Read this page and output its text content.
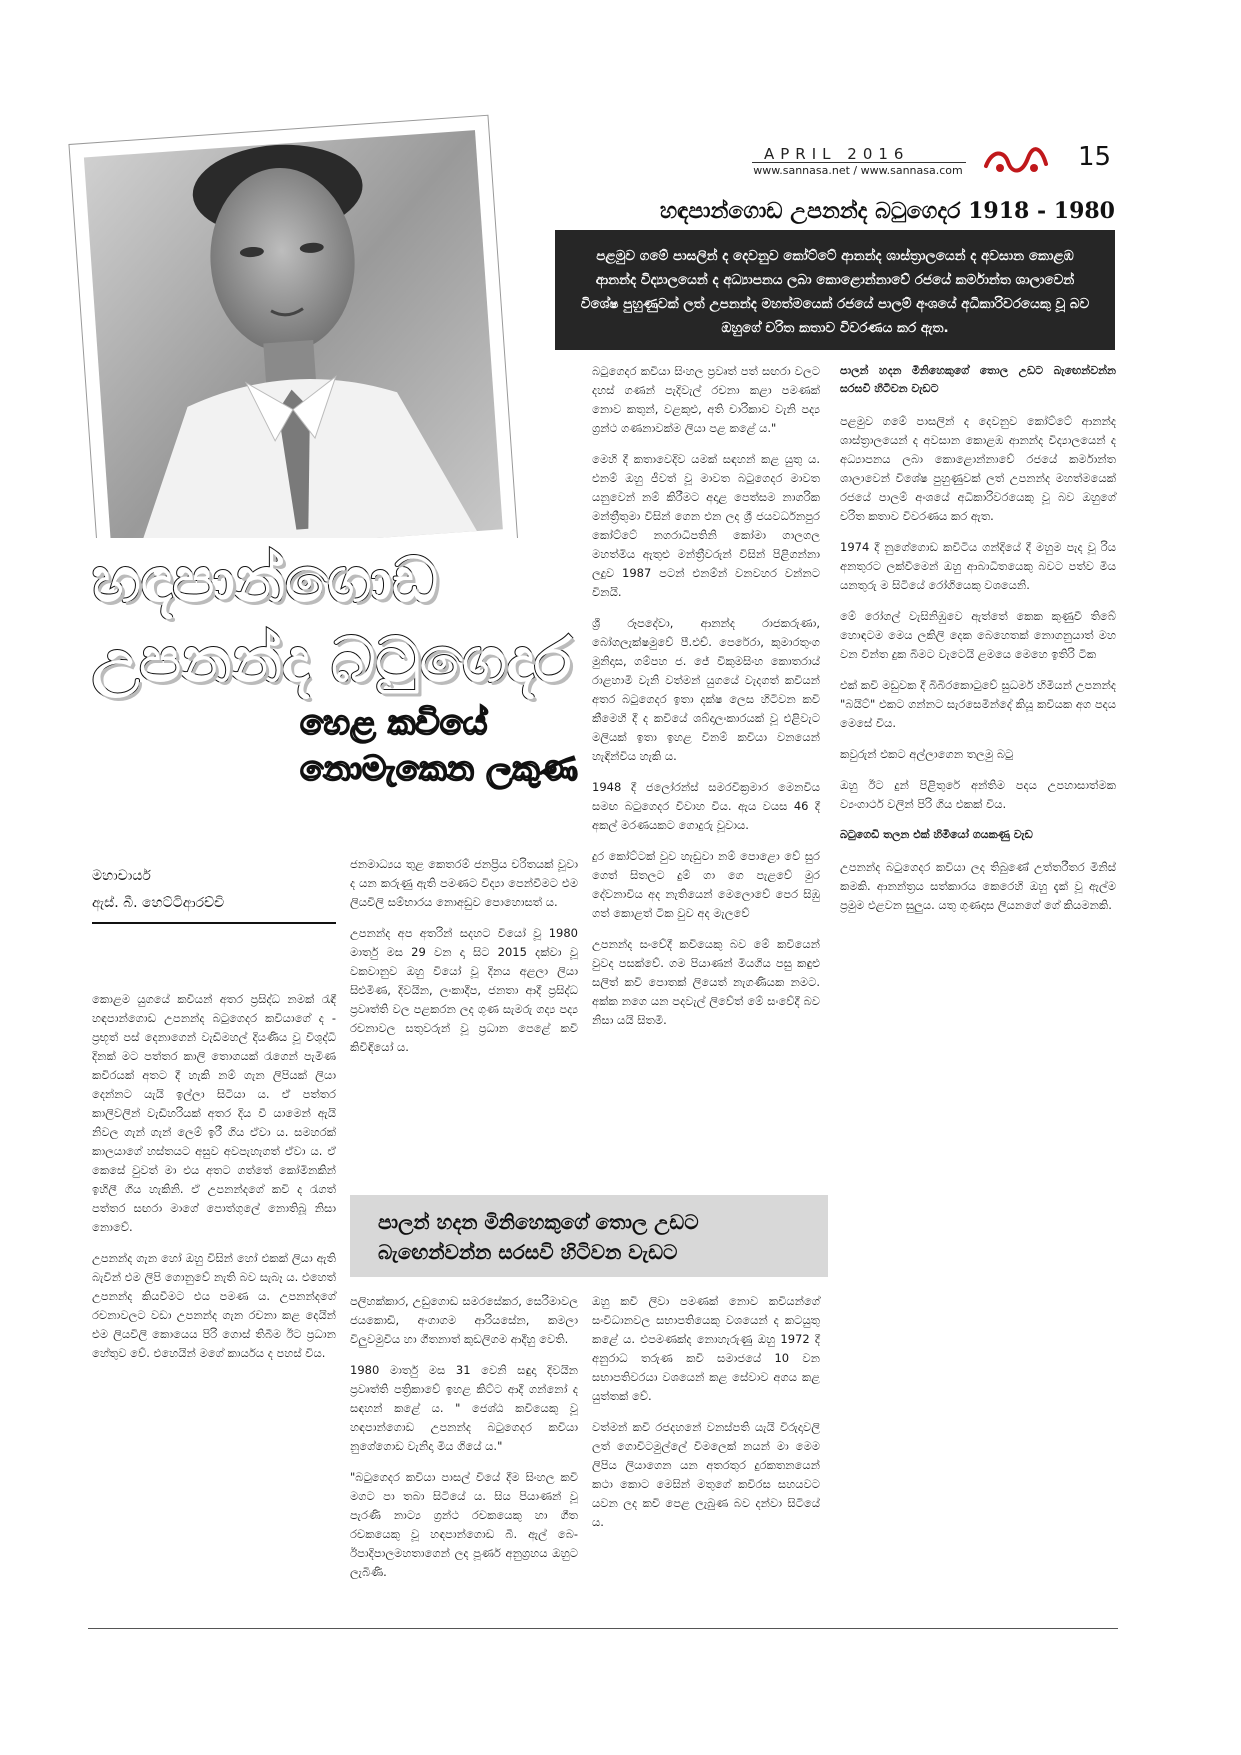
APRIL 2016
www.sannasa.net / www.sannasa.com	15
හඳපාන්ගොඩ උපනන්ද බටුගෙදර 1918 - 1980
පළමුව ගමේ පාසලින් ද දෙවනුව කෝට්ටේ ආනන්ද ශාස්ත්‍රාලයෙන් ද අවසාන කොළඹ ආනන්ද විද්‍යාලයෙන් ද අධ්‍යාපනය ලබා කොළොන්නාවේ රජයේ කර්මාන්ත ශාලාවෙන් විශේෂ පුහුණුවක් ලත් උපනන්ද මහත්මයෙක් රජයේ පාලම් අංශයේ අධිකාරිවරයෙකු වූ බව ඔහුගේ චරිත කතාව විවරණය කර ඇත.
හඳපාන්ගොඩ
උපනන්ද බටුගෙදර
හෙළ කවියේ
නොමැකෙන ලකුණ
මහාචාර්ය
ඇස්. බී. හෙට්ටිආරච්චි

කොළම යුගයේ කවියන් අතර ප්‍රසිද්ධ නමක් රැඳී හඳපාන්ගොඩ උපනන්ද බටුගෙදර කවියාගේ ද - ප්‍රභූත් පස් දෙනාගෙන් වැඩිමහල් දියණිය වූ විශුද්ධි දිනක් මට පත්තර කාලි තොගයක් රැගෙන් පැමිණ කවිරයක් අතට දී හැකි නම් ගැන ලිපියක් ලියා දෙන්නට යැයි ඉල්ලා සිටියා ය. ඒ පත්තර කාලිවලින් වැඩිහරියක් අතර දිය වී යාමෙන් ඇයි නිවල ගැන් ගැන් ලෙම් ඉරී ගිය ඒවා ය. සමහරක් කාලයාගේ හස්තයට අසුව අවපැහැගත් ඒවා ය. ඒ කෙසේ වුවත් මා එය අතට ගත්තේ කෝමිනකින් ඉහිලී ගිය හැකිනි. ඒ උපනන්දගේ කවි ද රැගත් පත්තර සඟරා මාගේ පොත්ගුලේ නොතිබූ නිසා නොවේ.

උපනන්ද ගැන හෝ ඔහු විසින් හෝ එකක් ලියා ඇති බැවින් එම ලිපි ගොනුවේ නැති බව සැබෑ ය. එහෙත් උපනන්ද කියවීමට එය පමණ ය. උපනන්දගේ රචනාවලට වඩා උපනන්ද ගැන රචනා කළ දෙයින් එම ලියවිලි කොයෙය පිරි ගොස් තිබීම ඊට ප්‍රධාන හේතුව වේ. එහෙයින් මගේ කාර්යය ද පහස් විය.

ජනමාධ්‍යය තුළ කෙතරම් ජනප්‍රිය චරිතයක් වූවා ද යන කරුණු ඇති පමණට විද්‍යා පෙන්වීමට එම ලියවිලි සම්භාරය නොඅඩුව පොහොසත් ය.

උපනන්ද අප අතරින් සදහට වියෝ වූ 1980 මාර්තු මස 29 වන දා සිට 2015 දක්වා වූ වකවානුව ඔහු වියෝ වූ දිනය අළලා ලියා සිළුමිණ, දිවයින, ලංකාදීප, ජනතා ආදී ප්‍රසිද්ධ ප්‍රවෘත්ති වල පළකරන ලද ගුණ සැමරු ගද්‍ය පද්‍ය රචනාවල සතුවරුන් වූ ප්‍රධාන පෙළේ කවි කිවිඳියෝ ය.

පලිහක්කාර, උඩුගොඩ සමරසේකර, සෙරිමාවල ජයකොඩි, අංගාගම ආරියසේන, කමලා විලුවමුවිය හා ගීතනාත් කුඩලිගම ආදීහු වෙති.

1980 මාර්තු මස 31 වෙනි සඳුදා දිවයින ප්‍රවෘත්ති පත්‍රිකාවේ ඉහළ කිට්ට ආදී ගන්නෝ ද සඳහන් කළේ ය. " ජෙශ්ඨ කවියෙකු වූ හඳපාන්ගොඩ උපනන්ද බටුගෙදර කවියා නුගේගොඩ වැනිදා මිය ගියේ ය."

"බටුගෙදර කවියා පාසල් වියේ දීම සිංහල කවි මගට පා තබා සිටියේ ය. සිය පියාණන් වූ පැරණි නාට්‍ය ග්‍රන්ථ රචකයෙකු හා ගීත රචකයෙකු වූ හඳපාන්ගොඩ බී. ඇල් බෙ- ඊපාදිපාලමහතාගෙන් ලද පූර්ණ අනුග්‍රහය ඔහුට ලැබිණි.

පාලන් හදන මිනිහෙකුගේ තොල උඩට
බැඟෙන්වන්න සරසවි හිටිවන වැඩට

බටුගෙදර කවියා සිංහල ප්‍රවෘත් පත් සඟරා වලට දහස් ගණන් පැදිවැල් රචනා කළා පමණක් නොව කතුන්, වළකුළු, අති චාරිකාව වැනි පද්‍ය ග්‍රන්ථ ගණනාවක්ම ලියා පළ කළේ ය."

මෙහි දී කතාවෙදිව යමක් සඳහන් කළ යුතු ය. එනම් ඔහු ජීවත් වූ මාවත බටුගෙදර මාවත යනුවෙන් නම් කිරීමට අදාළ පෙත්සම නාගරික මන්ත්‍රීතුමා විසින් ගෙන එන ලද ශ්‍රී ජයවර්ධනපුර කෝට්ටේ නගරාධිපතිනි කෝමා ගාලගල මහත්මිය ඇතුළු මන්ත්‍රීවරුන් විසින් පිළිගන්නා ලදුව 1987 පටන් එනම්න් වනවහර වන්නට විනයි.

ශ්‍රී රූපදේවා, ආනන්ද රාජකරුණා, බෝගලැක්ෂමුවේ පී.එච්. පෙරේරා, කුමාරතුංග මුනිදාස, ගම්පහ ජ. ජේ විකුමසිංහ කොතරාය් රාළහාමි වැනි වත්මන් යුගයේ වැදගත් කවියන් අතර බටුගෙදර ඉතා දක්ෂ ලෙස හිටිවන කවි කීමෙහි දී ද කවියේ ශබ්දාලංකාරයක් වූ එළිවැට මලියක් ඉතා ඉහළ විනම් කවියා වනයෙන් හැඳින්විය හැකි ය.

1948 දී ජලෝරන්ස් සමරවික්‍රමාර මෙනවිය සමඟ බටුගෙදර විවාහ විය. ඇය වයස 46 දී අකල් මරණයකට ගොදුරු වූවාය.

දුර කෝට්ටක් වුව හැඩුවා නම් පොළො වේ සුර ගෙත් සිතලට දුම් ගා ගෙ පැළවේ මුර දේවනාවිය අද නැතියෙන් මෙලොවේ පෙර සිඹු ගත් කොළත් ටික වුව අද මැලවේ

උපනන්ද සංවේදී කවියෙකු බව මේ කවියෙන් වුවද පසක්වේ. ගම පියාණන් මියගිය පසු කඳුළු සලිත් කවි පොතක් ලියෙත් නැගණියක නමට. අක්ක නගෙ යන පදවැල් ලිවේත් මේ සංවේදී බව නිසා යයි සිතමි.

ඔහු කවි ලිවා පමණක් නොව කවියන්ගේ සංවිධානවල සභාපතියෙකු වශයෙන් ද කටයුතු කළේ ය. එපමණක්ද නොහැරුණු ඔහු 1972 දී අනුරාධ තරුණ කවි සමාජයේ 10 වන සභාපතිවරයා වශයෙන් කළ සේවාව අගය කළ යුත්තක් වේ.

වත්මන් කවි රජදහනේ වනස්පති යැයි විරුදාවලි ලත් ගොවිටමුල්ලේ විමලෙක් නයන් මා මෙම ලිපිය ලියාගෙන යන අතරතුර දුරකතනයෙන් කථා කොට මෙසින් මතුගේ කවිරස සහයවට යවන ලද කවි පෙළ ලැබුණ බව දන්වා සිටියේ ය.

පාලන් හදන මිනිහෙකුගේ තොල උඩට බැඟෙන්වන්න සරසවි හිටිවන වැඩට

පළමුව ගමේ පාසලින් ද දෙවනුව කෝට්ටේ ආනන්ද ශාස්ත්‍රාලයෙන් ද අවසාන කොළඹ ආනන්ද විද්‍යාලයෙන් ද අධ්‍යාපනය ලබා කොළොන්නාවේ රජයේ කර්මාන්ත ශාලාවෙන් විශේෂ පුහුණුවක් ලත් උපනන්ද මහත්මයෙක් රජයේ පාලම් අංශයේ අධිකාරිවරයෙකු වූ බව ඔහුගේ චරිත කතාව විවරණය කර ඇත.

1974 දී නුගේගොඩ කවිටිය ගන්දියේ දී මහුම පැද වූ රිය අනතුරට ලක්වීමෙන් ඔහු ආබාධිතයෙකු බවට පත්ව මිය යනතුරු ම සිටියේ රෝගියෙකු වශයෙනි.

මේ රෝගල් වැසිනිඹුවෙ ඇත්තේ කෙක කුණුවී තිබේ හොඳටම මෙය ලකිලි දෙක බෙහෙතක් නොගනුයාත් මහ වන වින්ත දුක බිමට වැටෙයි ළමයෙ මෙහෙ ඉතිරි ටික

එක් කවි මඩුවක දී බිබිරකොටුවේ සුධර්ම හිමියන් උපනන්ද "බයිට්" එකට ගන්නට සැරසෙමින්දේ කියූ කවියක අග පදය මෙසේ විය.

කවුරුන් එකට අල්ලාගෙන තලමු බටු

ඔහු ඊට දුන් පිළිතුරේ අන්තිම පදය උපහාසාත්මක ව්‍යංගාර්ථ වලින් පිරි ගිය එකක් විය.

බටුගෙඩි තලන එක් හිමියෝ ගයකණු වැඩ

උපනන්ද බටුගෙදර කවියා ලද තිබුණේ උත්තරීතර මිනිස් කමකි. ආනන්ත්‍රය සත්කාරය කෙරෙහි ඔහු දැක් වූ ඇල්ම ප්‍රමුම එළවන සුලුය. යතු ගුණදාස ලියනගේ ගේ කියමනකි.
